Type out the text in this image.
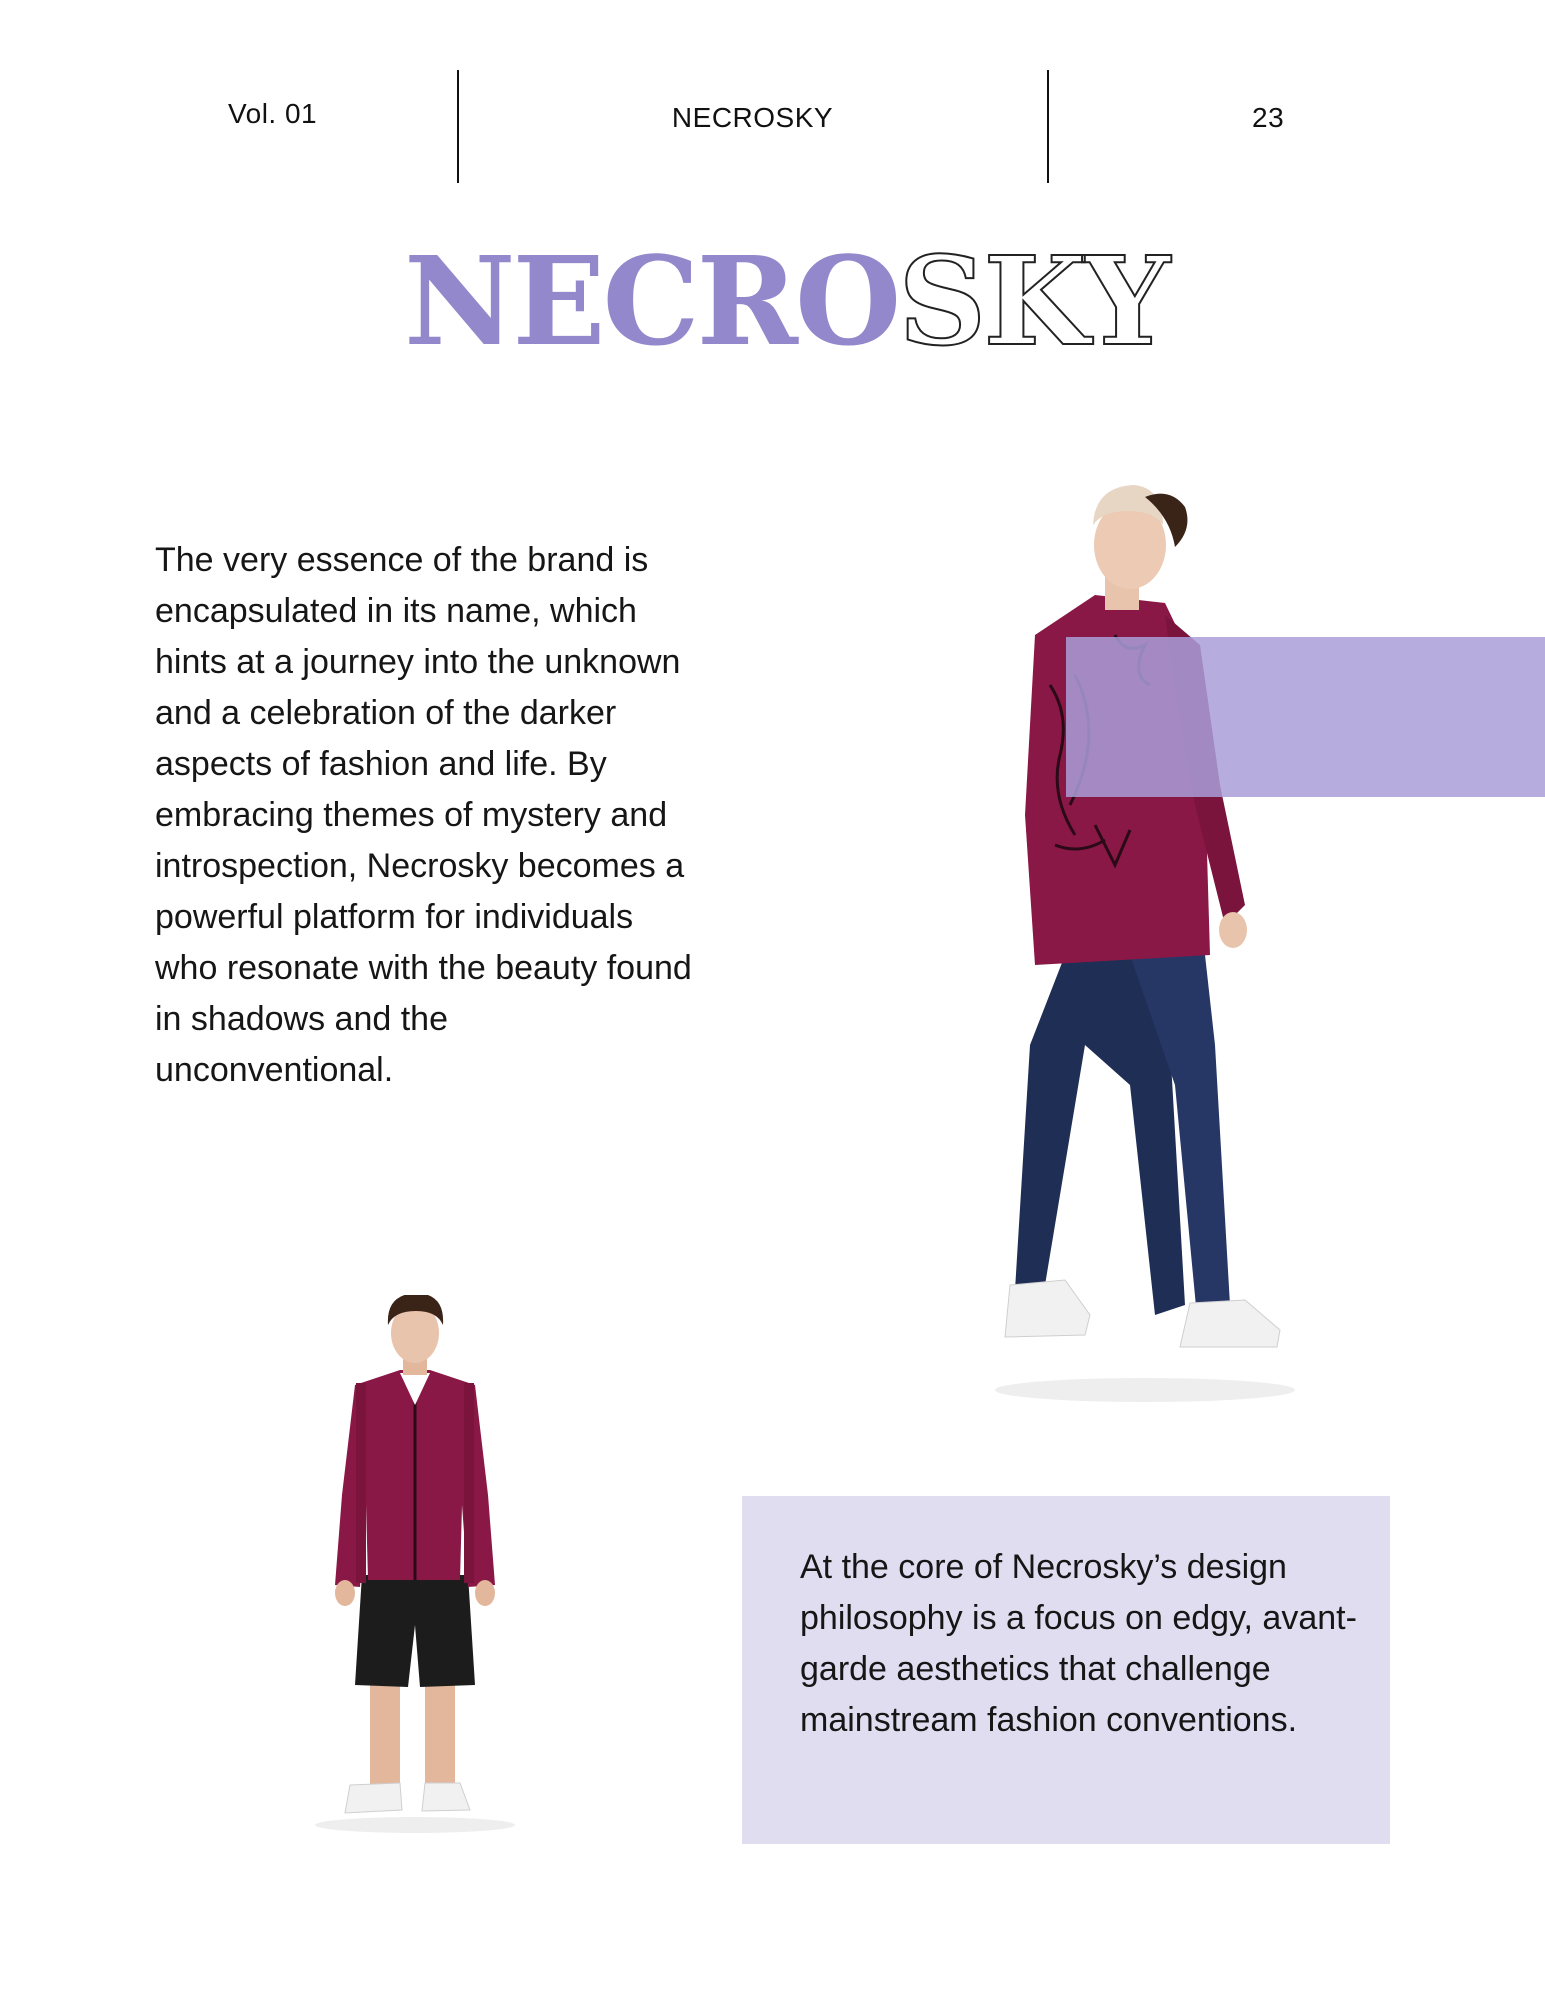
Vol. 01	NECROSKY	23
NECROSKY
The very essence of the brand is encapsulated in its name, which hints at a journey into the unknown and a celebration of the darker aspects of fashion and life. By embracing themes of mystery and introspection, Necrosky becomes a powerful platform for individuals who resonate with the beauty found in shadows and the unconventional.
At the core of Necrosky’s design philosophy is a focus on edgy, avant-garde aesthetics that challenge mainstream fashion conventions.
